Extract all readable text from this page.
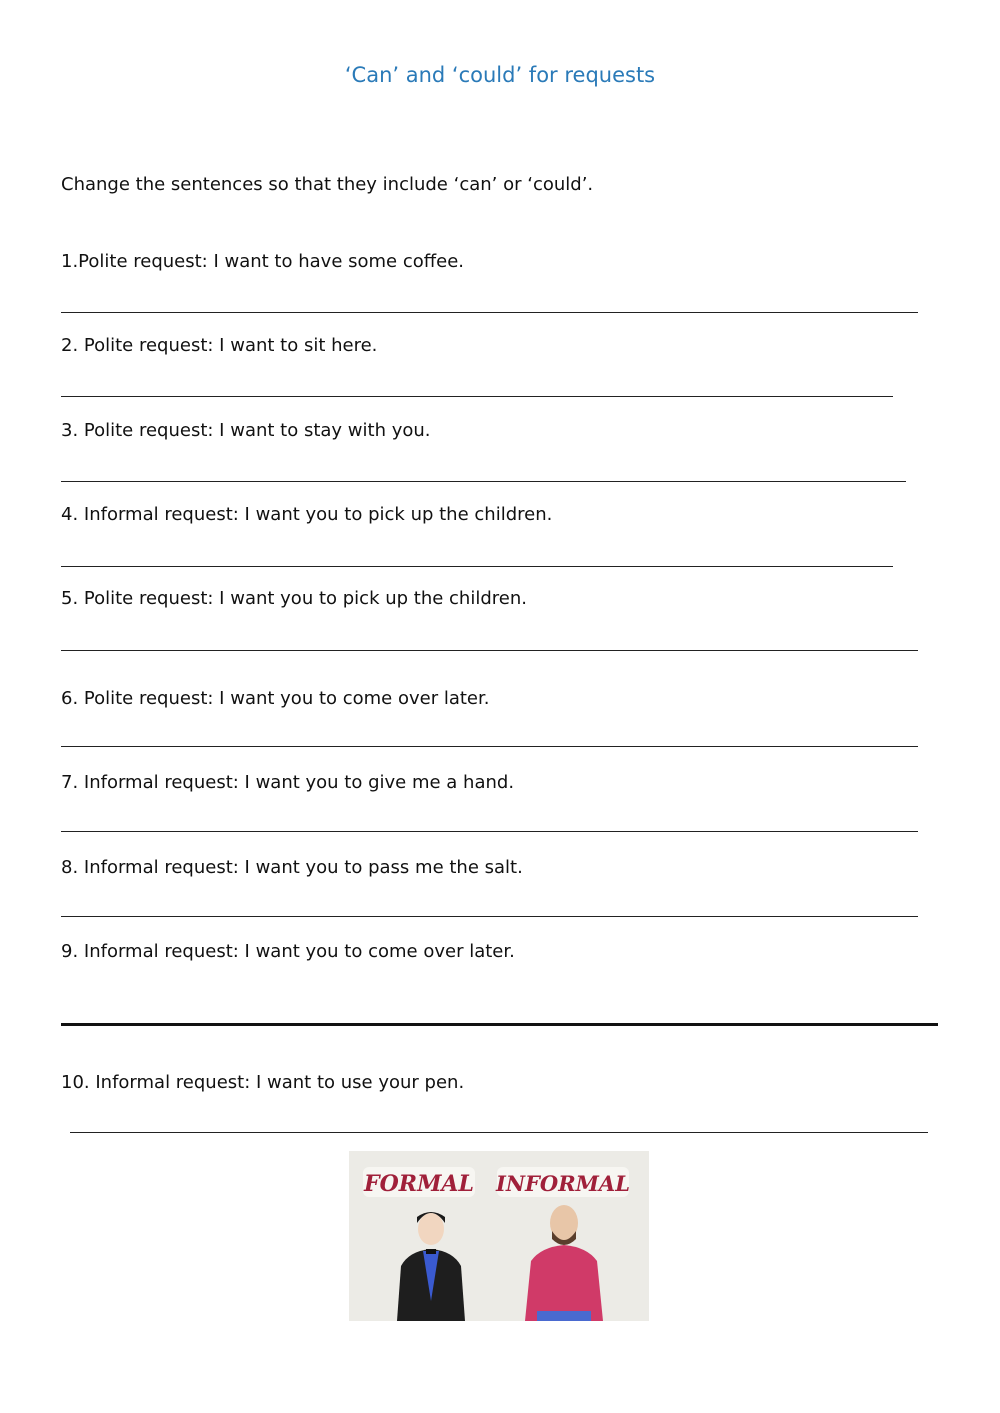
‘Can’ and ‘could’ for requests
Change the sentences so that they include ‘can’ or ‘could’.
1.Polite request: I want to have some coffee.
2. Polite request: I want to sit here.
3. Polite request: I want to stay with you.
4. Informal request: I want you to pick up the children.
5. Polite request: I want you to pick up the children.
6. Polite request: I want you to come over later.
7. Informal request: I want you to give me a hand.
8. Informal request: I want you to pass me the salt.
9. Informal request: I want you to come over later.
10. Informal request: I want to use your pen.
FORMAL INFORMAL
